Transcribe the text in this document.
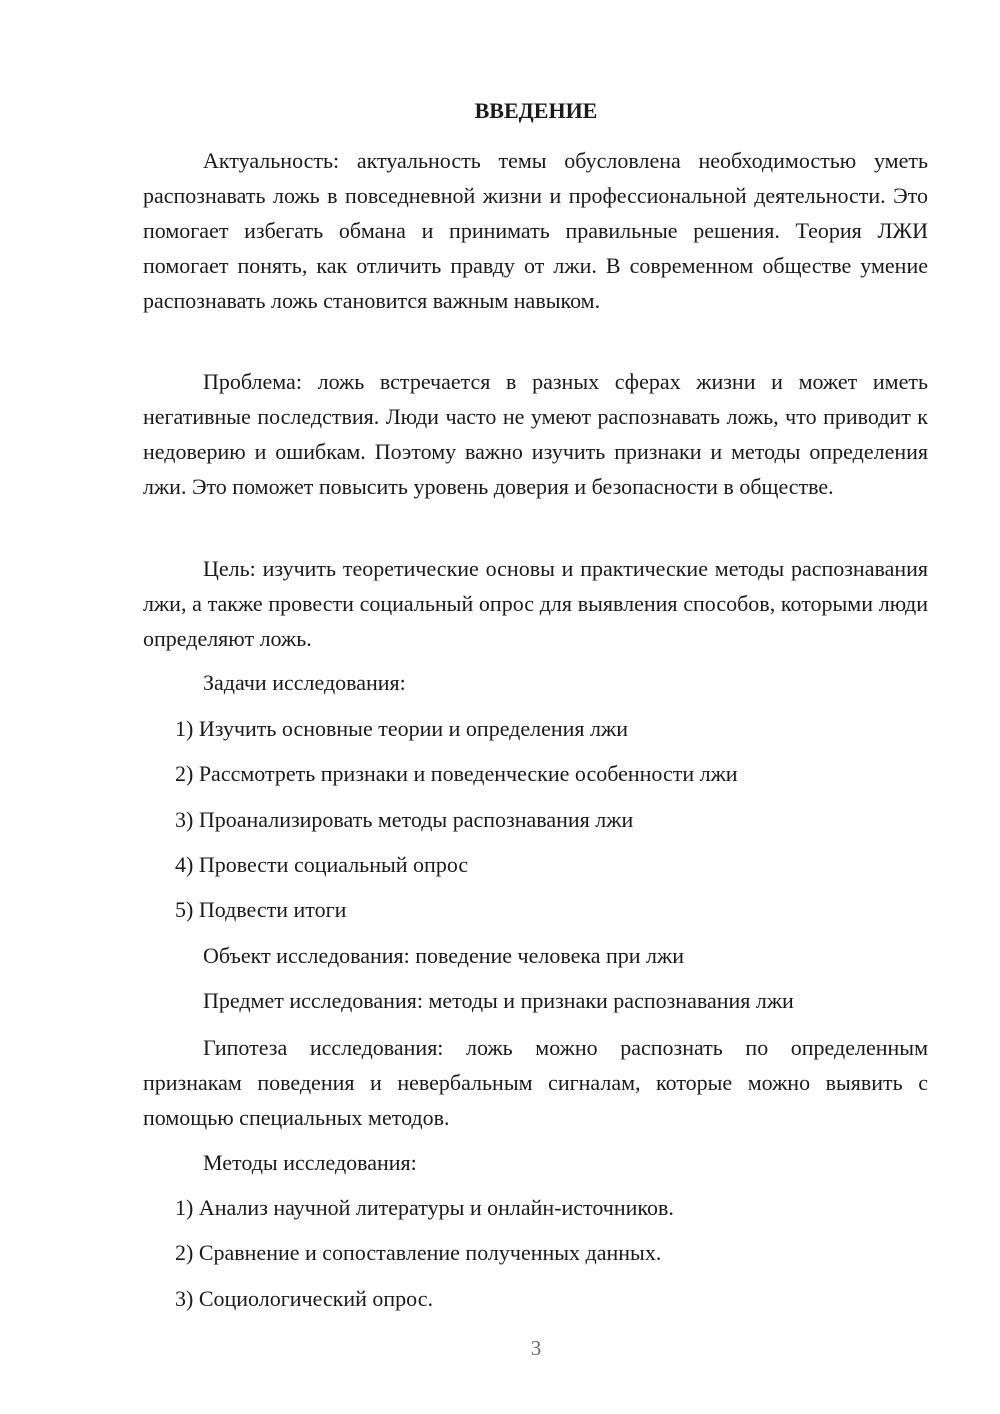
ВВЕДЕНИЕ

Актуальность: актуальность темы обусловлена необходимостью уметь распознавать ложь в повседневной жизни и профессиональной деятельности. Это помогает избегать обмана и принимать правильные решения. Теория ЛЖИ помогает понять, как отличить правду от лжи. В современном обществе умение распознавать ложь становится важным навыком.

Проблема: ложь встречается в разных сферах жизни и может иметь негативные последствия. Люди часто не умеют распознавать ложь, что приводит к недоверию и ошибкам. Поэтому важно изучить признаки и методы определения лжи. Это поможет повысить уровень доверия и безопасности в обществе.

Цель: изучить теоретические основы и практические методы распознавания лжи, а также провести социальный опрос для выявления способов, которыми люди определяют ложь.

Задачи исследования:
1) Изучить основные теории и определения лжи
2) Рассмотреть признаки и поведенческие особенности лжи
3) Проанализировать методы распознавания лжи
4) Провести социальный опрос
5) Подвести итоги
Объект исследования: поведение человека при лжи
Предмет исследования: методы и признаки распознавания лжи

Гипотеза исследования: ложь можно распознать по определенным признакам поведения и невербальным сигналам, которые можно выявить с помощью специальных методов.

Методы исследования:
1) Анализ научной литературы и онлайн-источников.
2) Сравнение и сопоставление полученных данных.
3) Социологический опрос.
3
